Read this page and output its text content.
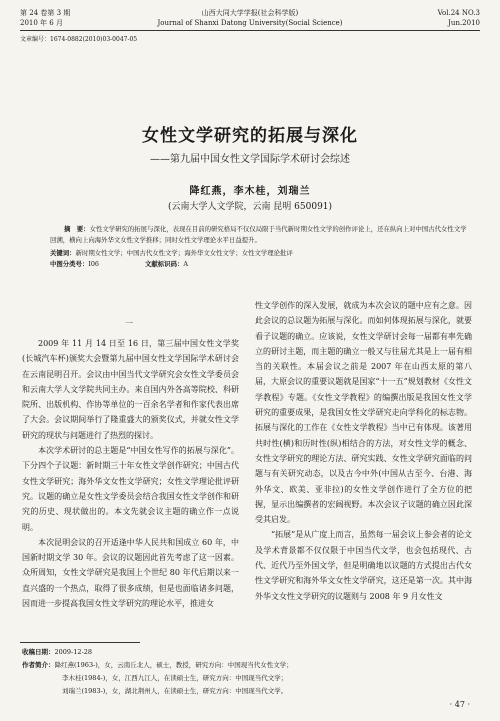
第 24 卷第 3 期
2010 年 6 月
山西大同大学学报(社会科学版)
Journal of Shanxi Datong University(Social Science)
Vol.24 NO.3
Jun.2010
文章编号：1674-0882(2010)03-0047-05
女性文学研究的拓展与深化
——第九届中国女性文学国际学术研讨会综述
降红燕，李木桂，刘瑞兰
(云南大学人文学院，云南 昆明 650091)
摘　要：女性文学研究的拓展与深化，表现在目前的研究格局不仅仅局限于当代新时期女性文学的创作评论上，还在纵向上对中国古代女性文学回溯，横向上向海外华文女性文学推移；同时女性文学理论水平日益提升。
关键词：新时期女性文学；中国古代女性文学；海外华文女性文学；女性文学理论批评
中图分类号：I06	文献标识码：A
一

2009 年 11 月 14 日至 16 日，第三届中国女性文学奖(长城汽车杯)颁奖大会暨第九届中国女性文学国际学术研讨会在云南昆明召开。会议由中国当代文学研究会女性文学委员会和云南大学人文学院共同主办。来自国内外各高等院校、科研院所、出版机构、作协等单位的一百余名学者和作家代表出席了大会。会议期间举行了隆重盛大的颁奖仪式，并就女性文学研究的现状与问题进行了热烈的探讨。

本次学术研讨的总主题是“中国女性写作的拓展与深化”。下分四个子议题：新时期三十年女性文学创作研究；中国古代女性文学研究；海外华文女性文学研究；女性文学理论批评研究。议题的确立是女性文学委员会结合我国女性文学创作和研究的历史、现状做出的。本文先就会议主题的确立作一点说明。

本次昆明会议的召开适逢中华人民共和国成立 60 年，中国新时期文学 30 年。会议的议题因此首先考虑了这一因素。众所周知，女性文学研究是我国上个世纪 80 年代后期以来一直兴盛的一个热点，取得了很多成绩，但是也面临诸多问题，因而进一步提高我国女性文学研究的理论水平，推进女

性文学创作的深入发展，就成为本次会议的题中应有之意。因此会议的总议题为拓展与深化。而如何体现拓展与深化，就要看子议题的确立。应该说，女性文学研讨会每一届都有率先确立的研讨主题，而主题的确立一般又与往届尤其是上一届有相当的关联性。本届会议之前是 2007 年在山西太原的第八届，大原会议的重要议题就是国家“十一五”规划教材《女性文学教程》专题。《女性文学教程》的编撰出版是我国女性文学研究的重要成果，是我国女性文学研究走向学科化的标志物。拓展与深化的工作在《女性文学教程》当中已有体现。该著用共时性(横)和历时性(纵)相结合的方法，对女性文学的概念、女性文学研究的理论方法、研究实践、女性文学研究面临的问题与有关研究动态，以及古今中外(中国从古至今、台港、海外华文、欧美、亚非拉)的女性文学创作进行了全方位的把握，显示出编撰者的宏阔视野。本次会议子议题的确立因此深受其启发。

“拓展”是从广度上而言，虽然每一届会议上参会者的论文及学术背景都不仅仅限于中国当代文学，也会包括现代、古代、近代乃至外国文学，但是明确地以议题的方式提出古代女性文学研究和海外华文女性文学研究，这还是第一次。其中海外华文女性文学研究的议题则与 2008 年 9 月女性文

收稿日期：2009-12-28
作者简介：降红燕(1963-)，女，云南丘北人，硕士，教授，研究方向：中国现当代女性文学；
李木桂(1984-)，女，江西九江人，在读硕士生，研究方向：中国现当代文学；
刘瑞兰(1983-)，女，湖北荆州人，在读硕士生，研究方向：中国现当代文学。
· 47 ·
